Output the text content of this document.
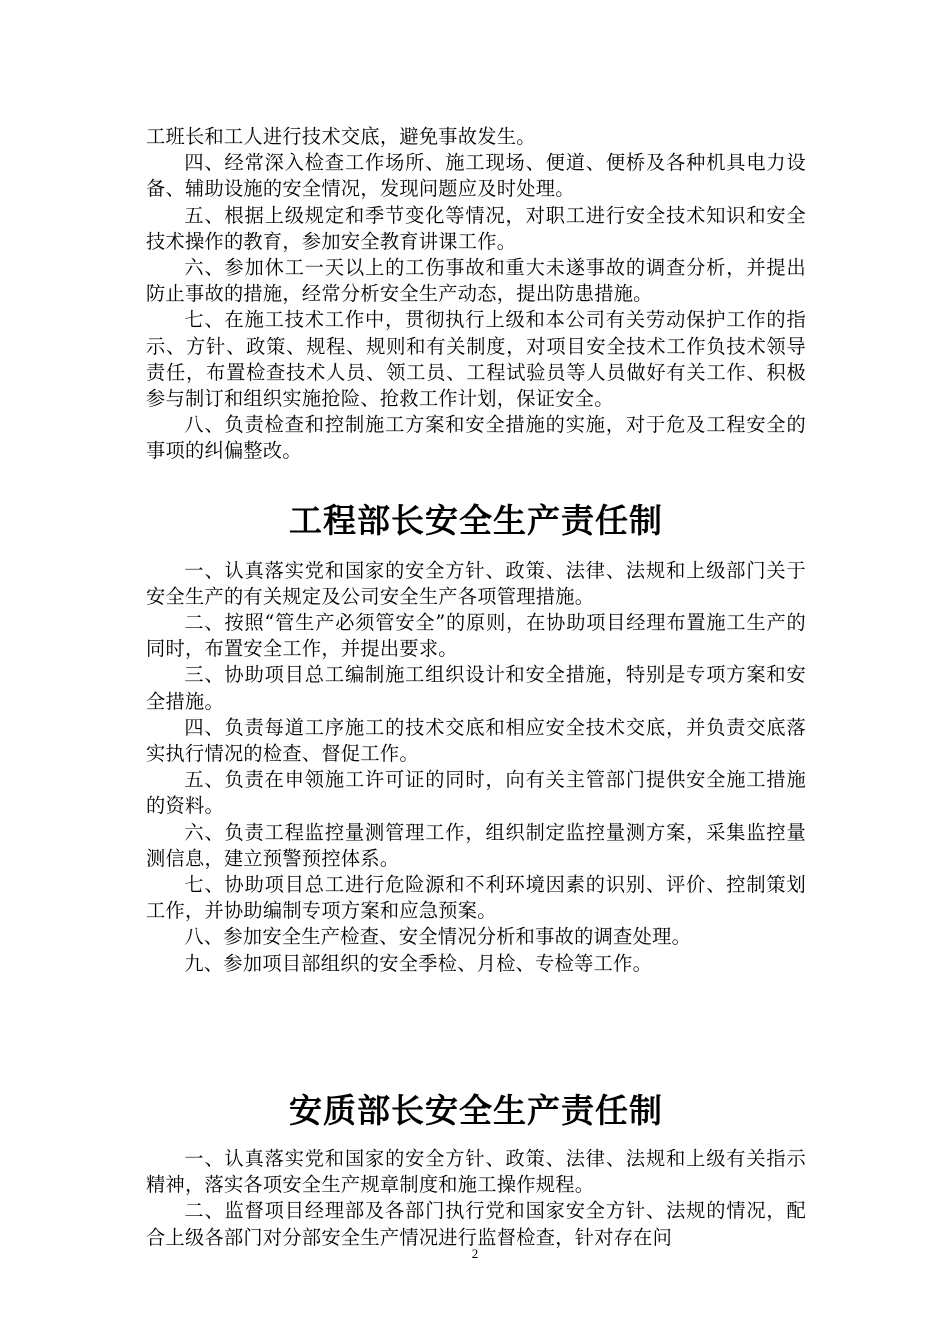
工班长和工人进行技术交底，避免事故发生。

四、经常深入检查工作场所、施工现场、便道、便桥及各种机具电力设备、辅助设施的安全情况，发现问题应及时处理。

五、根据上级规定和季节变化等情况，对职工进行安全技术知识和安全技术操作的教育，参加安全教育讲课工作。

六、参加休工一天以上的工伤事故和重大未遂事故的调查分析，并提出防止事故的措施，经常分析安全生产动态，提出防患措施。

七、在施工技术工作中，贯彻执行上级和本公司有关劳动保护工作的指示、方针、政策、规程、规则和有关制度，对项目安全技术工作负技术领导责任，布置检查技术人员、领工员、工程试验员等人员做好有关工作、积极参与制订和组织实施抢险、抢救工作计划，保证安全。

八、负责检查和控制施工方案和安全措施的实施，对于危及工程安全的事项的纠偏整改。

工程部长安全生产责任制

一、认真落实党和国家的安全方针、政策、法律、法规和上级部门关于安全生产的有关规定及公司安全生产各项管理措施。

二、按照“管生产必须管安全”的原则，在协助项目经理布置施工生产的同时，布置安全工作，并提出要求。

三、协助项目总工编制施工组织设计和安全措施，特别是专项方案和安全措施。

四、负责每道工序施工的技术交底和相应安全技术交底，并负责交底落实执行情况的检查、督促工作。

五、负责在申领施工许可证的同时，向有关主管部门提供安全施工措施的资料。

六、负责工程监控量测管理工作，组织制定监控量测方案，采集监控量测信息，建立预警预控体系。

七、协助项目总工进行危险源和不利环境因素的识别、评价、控制策划工作，并协助编制专项方案和应急预案。

八、参加安全生产检查、安全情况分析和事故的调查处理。

九、参加项目部组织的安全季检、月检、专检等工作。

安质部长安全生产责任制

一、认真落实党和国家的安全方针、政策、法律、法规和上级有关指示精神，落实各项安全生产规章制度和施工操作规程。

二、监督项目经理部及各部门执行党和国家安全方针、法规的情况，配合上级各部门对分部安全生产情况进行监督检查，针对存在问

2
